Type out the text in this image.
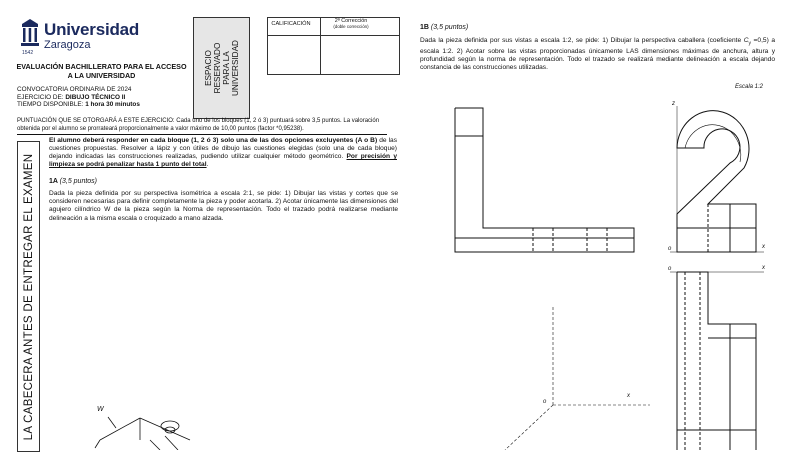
Universidad
Zaragoza
1542
EVALUACIÓN BACHILLERATO PARA EL ACCESO A LA UNIVERSIDAD
CONVOCATORIA ORDINARIA DE 2024
EJERCICIO DE: DIBUJO TÉCNICO II
TIEMPO DISPONIBLE: 1 hora 30 minutos
ESPACIO RESERVADO PARA LA UNIVERSIDAD
CALIFICACIÓN	2ª Corrección
(doble corrección)
PUNTUACIÓN QUE SE OTORGARÁ A ESTE EJERCICIO: Cada uno de los bloques (1, 2 ó 3) puntuará sobre 3,5 puntos. La valoración obtenida por el alumno se prorrateará proporcionalmente a valor máximo de 10,00 puntos (factor *0,95238).
LA CABECERA ANTES DE ENTREGAR EL EXAMEN
El alumno deberá responder en cada bloque (1, 2 ó 3) solo una de las dos opciones excluyentes (A o B) de las cuestiones propuestas. Resolver a lápiz y con útiles de dibujo las cuestiones elegidas (solo una de cada bloque) dejando indicadas las construcciones realizadas, pudiendo utilizar cualquier método geométrico. Por precisión y limpieza se podrá penalizar hasta 1 punto del total.
1A (3,5 puntos)
Dada la pieza definida por su perspectiva isométrica a escala 2:1, se pide: 1) Dibujar las vistas y cortes que se consideren necesarias para definir completamente la pieza y poder acotarla. 2) Acotar únicamente las dimensiones del agujero cilíndrico W de la pieza según la Norma de representación. Todo el trazado podrá realizarse mediante delineación a la misma escala o croquizado a mano alzada.
W
1B (3,5 puntos)
Dada la pieza definida por sus vistas a escala 1:2, se pide: 1) Dibujar la perspectiva caballera (coeficiente $C_y =0,5$) a escala 1:2. 2) Acotar sobre las vistas proporcionadas únicamente LAS dimensiones máximas de anchura, altura y profundidad según la norma de representación. Todo el trazado se realizará mediante delineación a escala dejando constancia de las construcciones utilizadas.
Escala 1:2
z
o	x
o	x
o
x
